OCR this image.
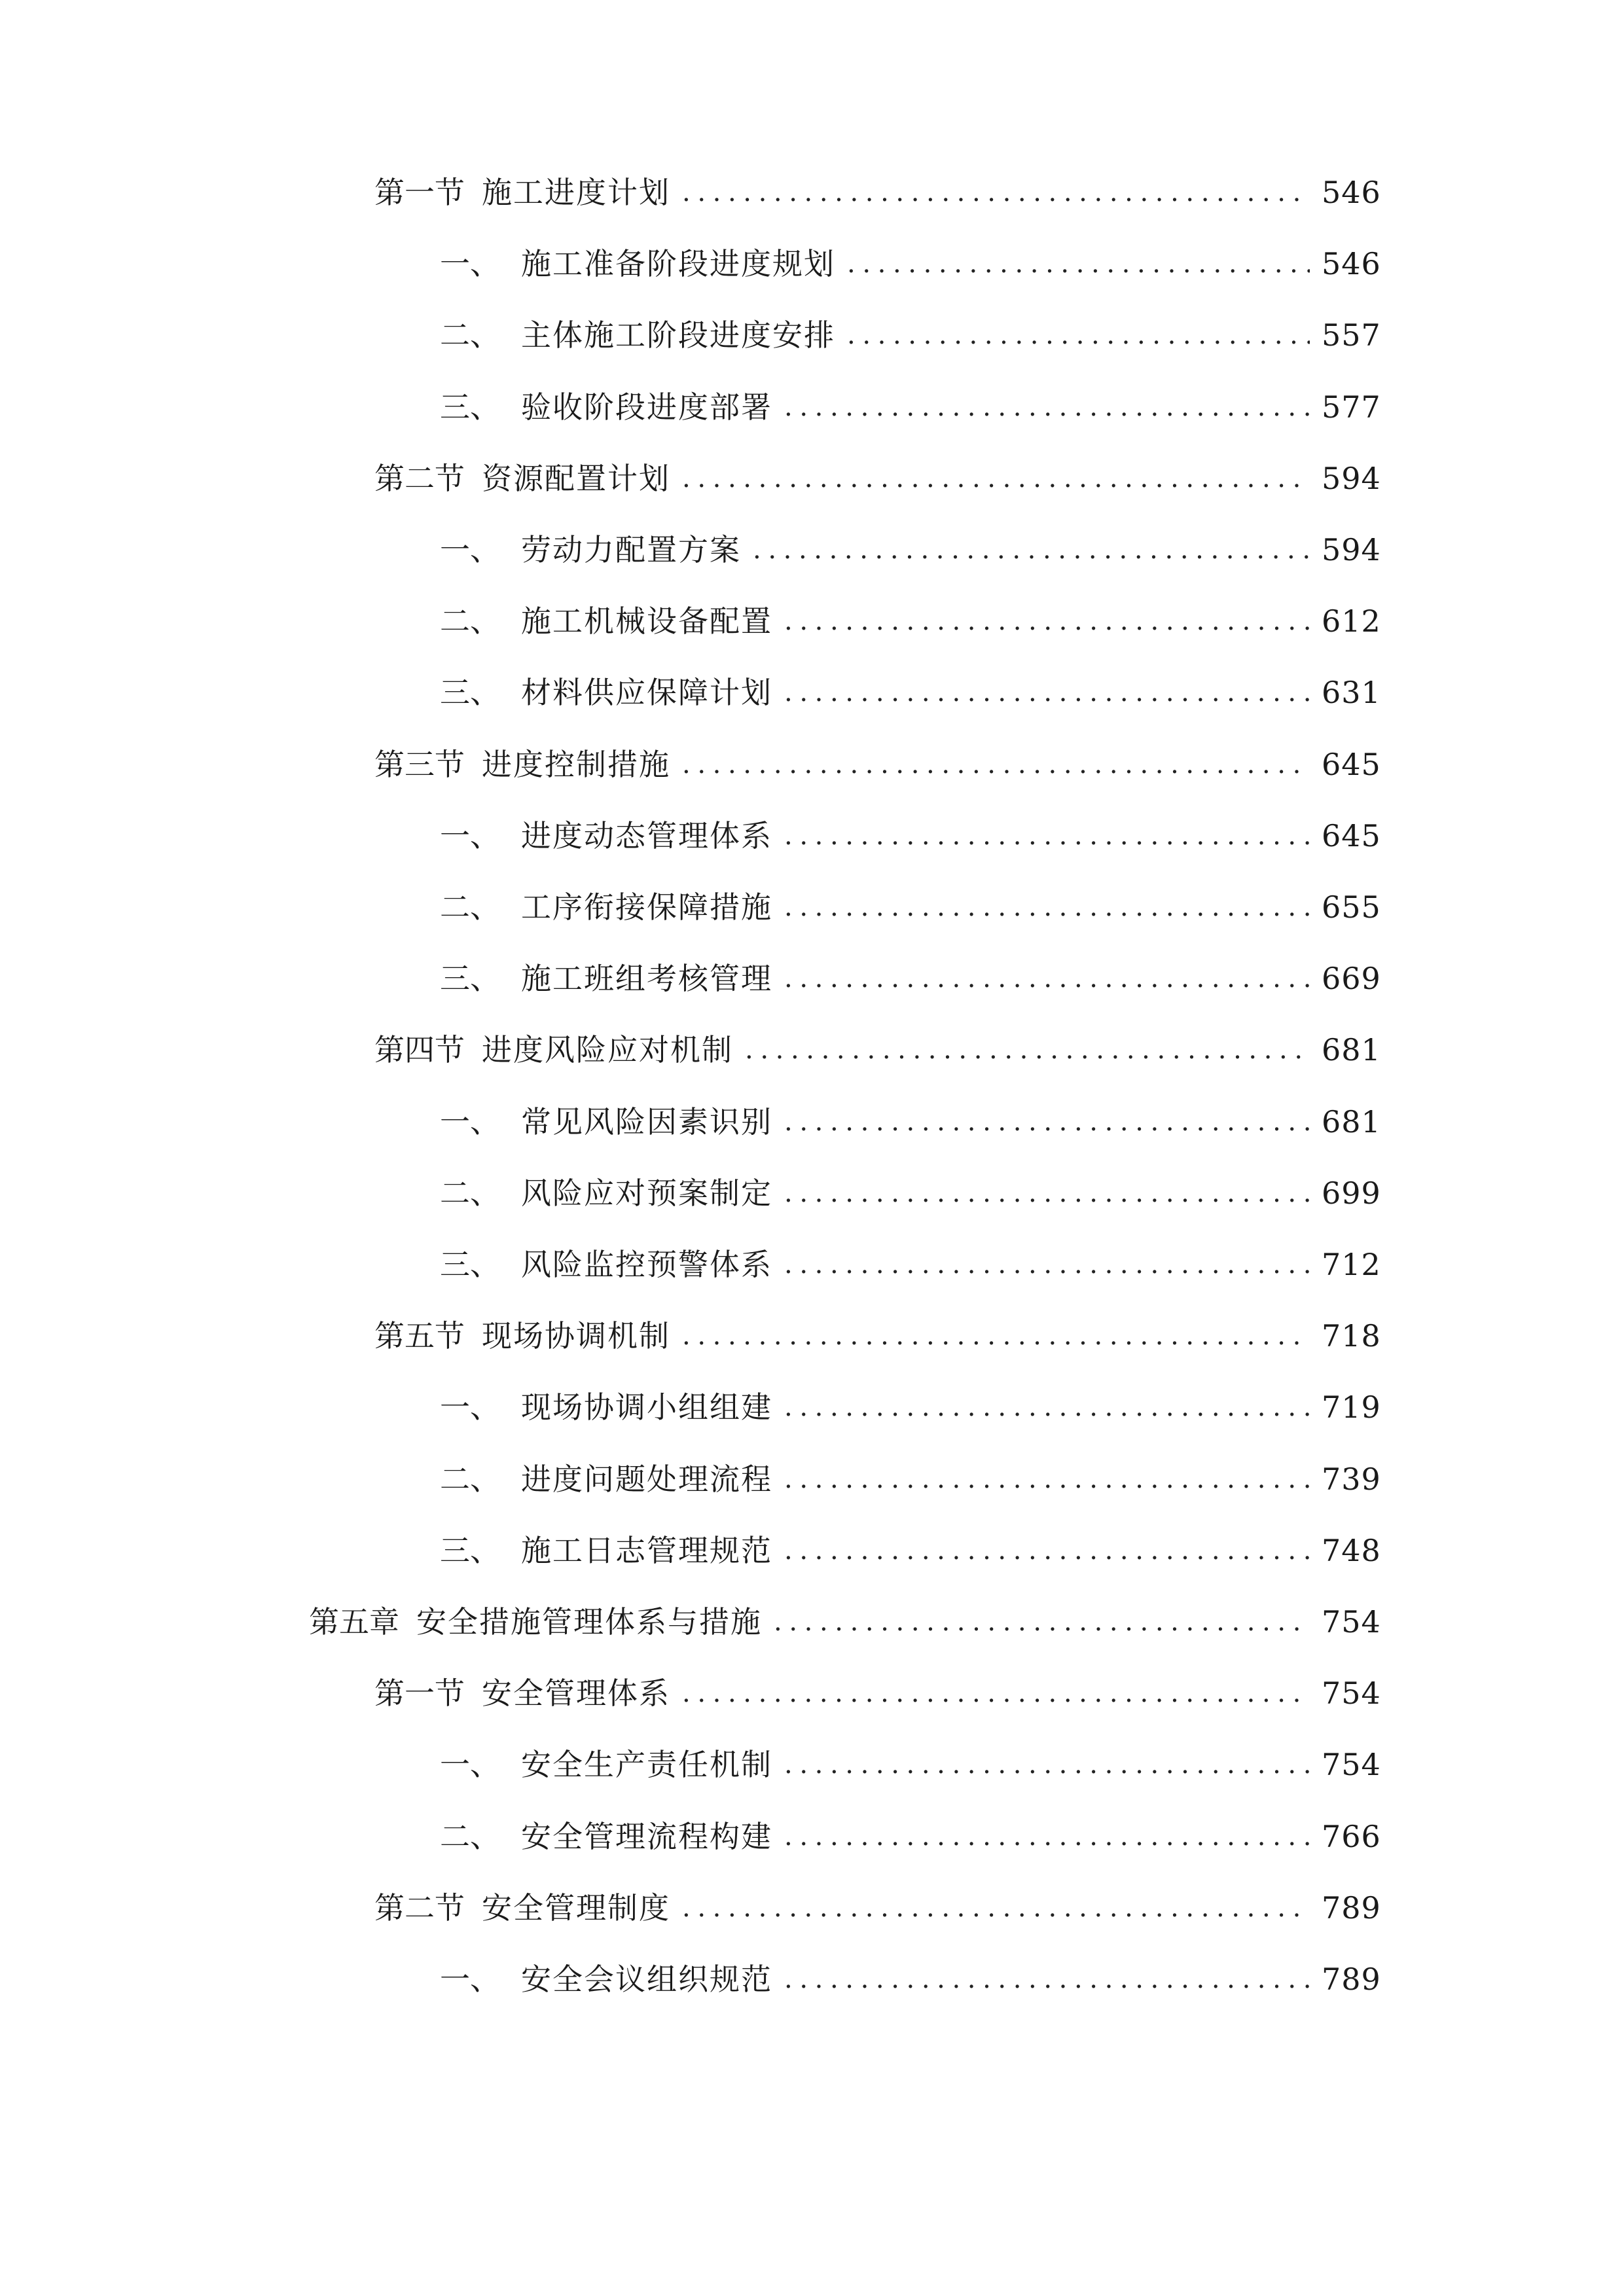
第一节 施工进度计划 .....	546
一、 施工准备阶段进度规划 .....	546
二、 主体施工阶段进度安排 .....	557
三、 验收阶段进度部署 .....	577
第二节 资源配置计划 .....	594
一、 劳动力配置方案 .....	594
二、 施工机械设备配置 .....	612
三、 材料供应保障计划 .....	631
第三节 进度控制措施 .....	645
一、 进度动态管理体系 .....	645
二、 工序衔接保障措施 .....	655
三、 施工班组考核管理 .....	669
第四节 进度风险应对机制 .....	681
一、 常见风险因素识别 .....	681
二、 风险应对预案制定 .....	699
三、 风险监控预警体系 .....	712
第五节 现场协调机制 .....	718
一、 现场协调小组组建 .....	719
二、 进度问题处理流程 .....	739
三、 施工日志管理规范 .....	748
第五章 安全措施管理体系与措施 .....	754
第一节 安全管理体系 .....	754
一、 安全生产责任机制 .....	754
二、 安全管理流程构建 .....	766
第二节 安全管理制度 .....	789
一、 安全会议组织规范 .....	789
